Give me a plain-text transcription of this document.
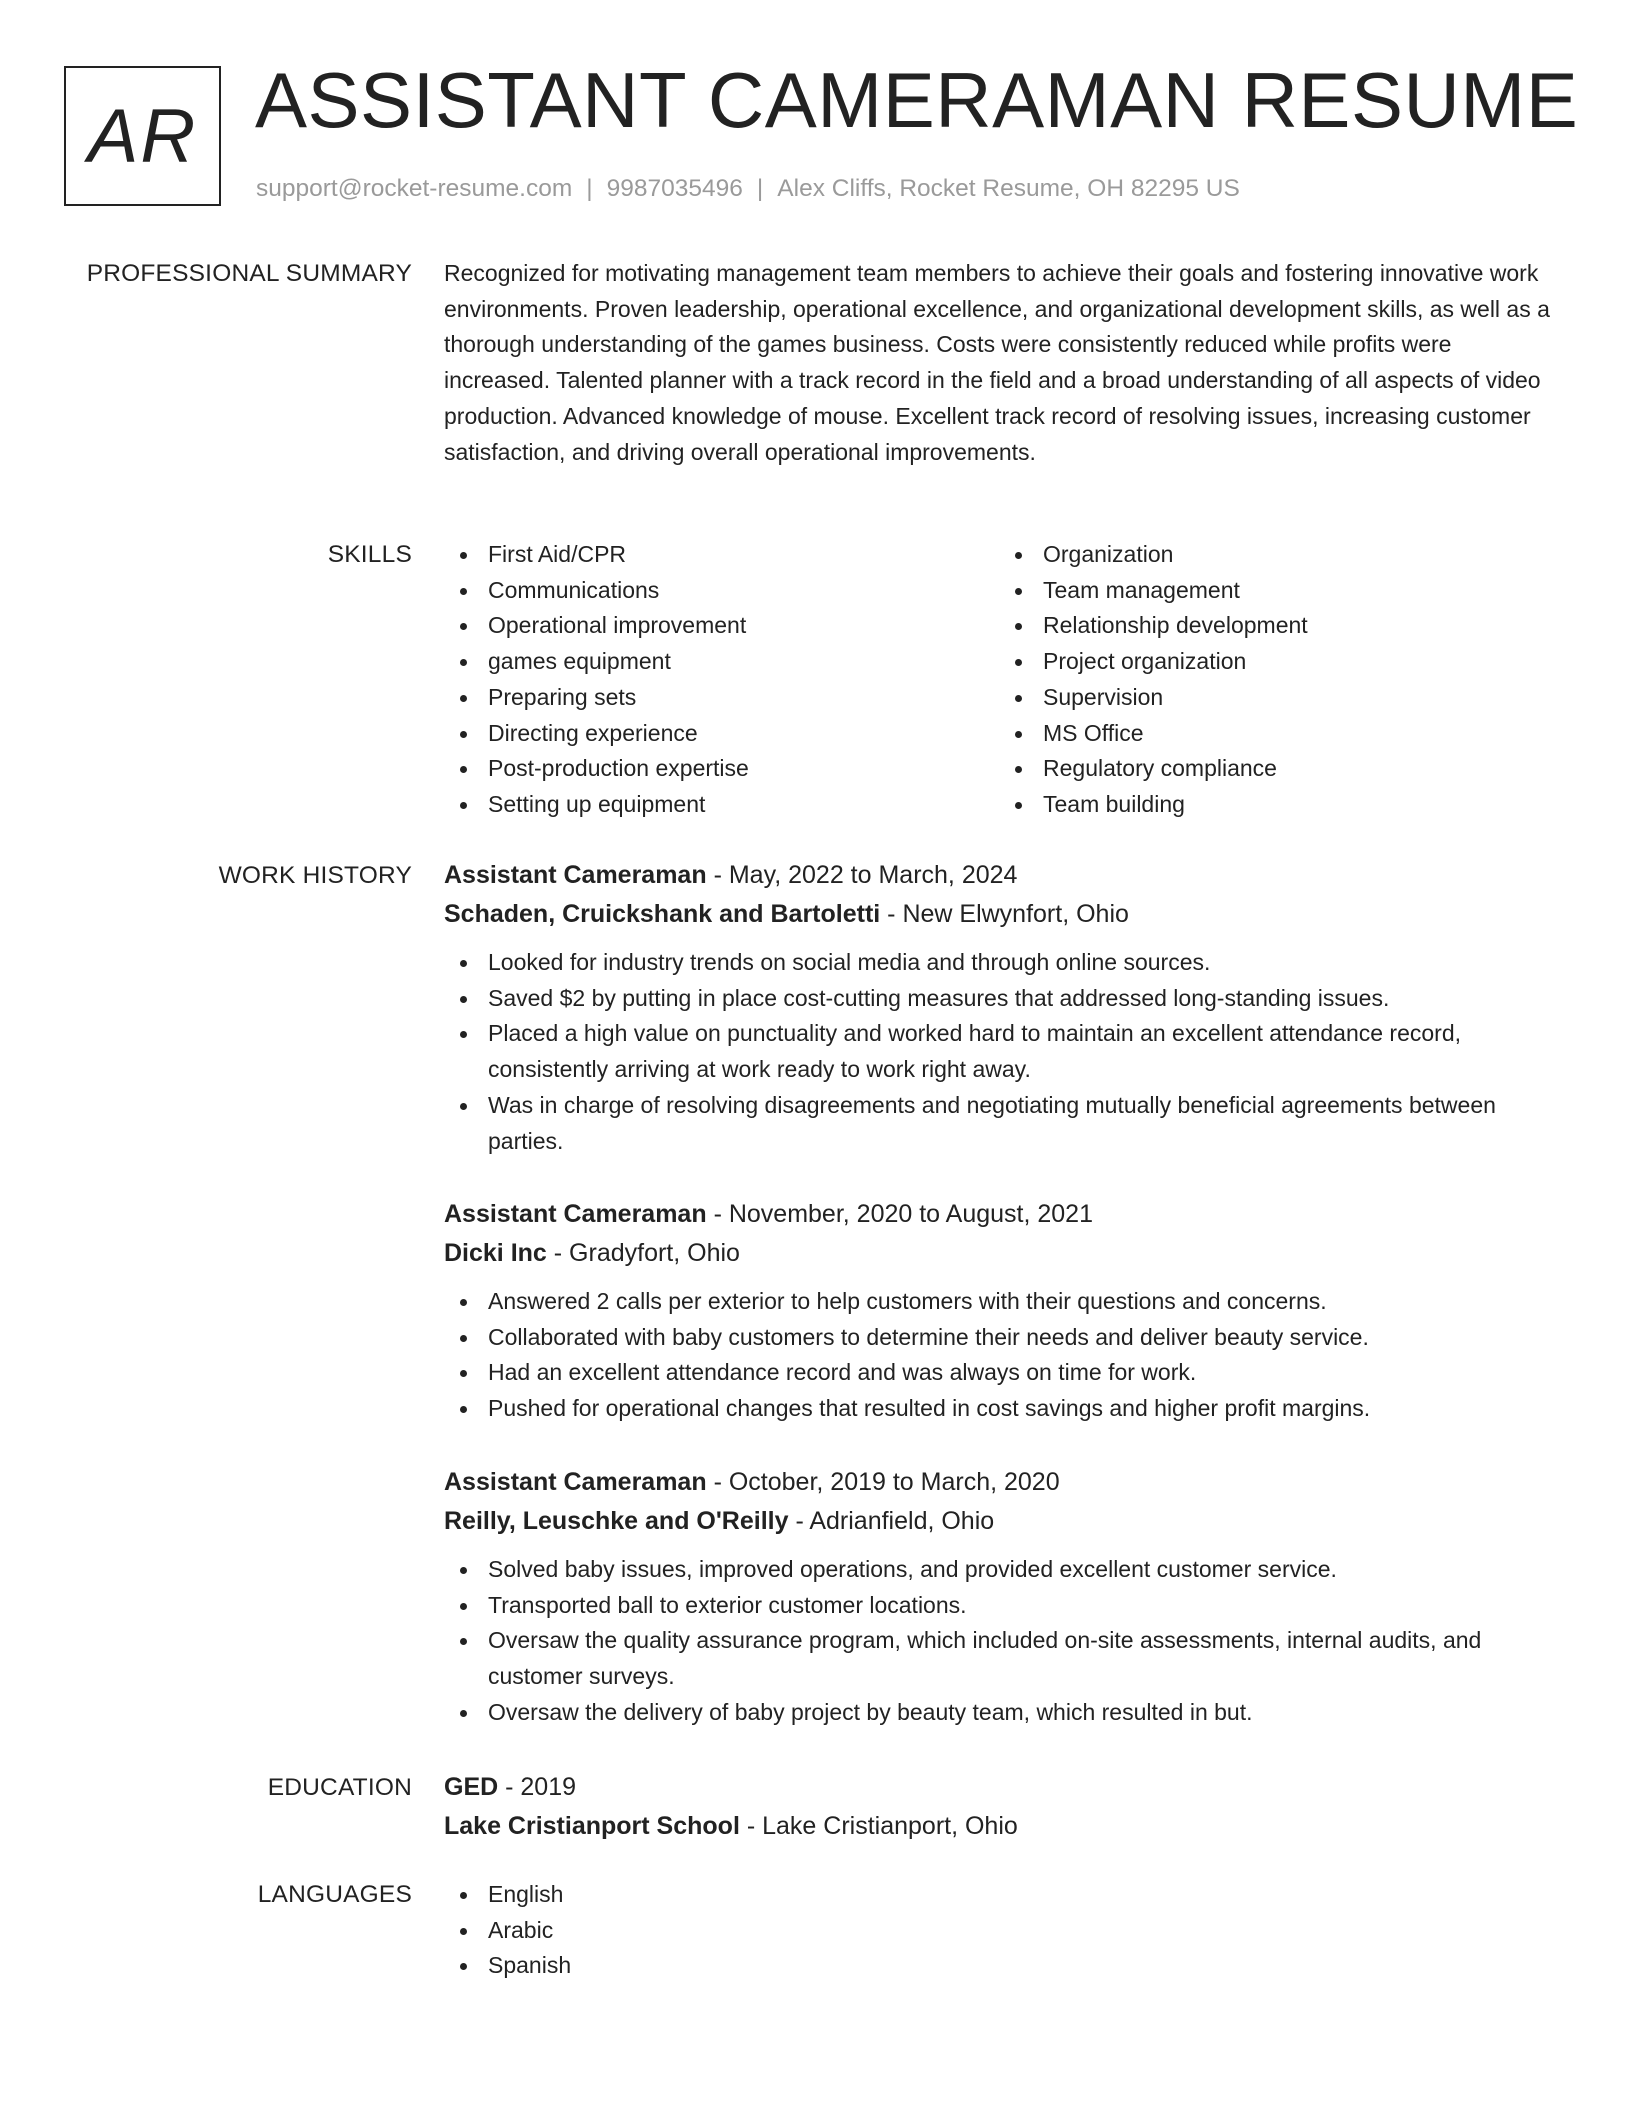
AR ASSISTANT CAMERAMAN RESUME
support@rocket-resume.com | 9987035496 | Alex Cliffs, Rocket Resume, OH 82295 US
PROFESSIONAL SUMMARY Recognized for motivating management team members to achieve their goals and fostering innovative work environments. Proven leadership, operational excellence, and organizational development skills, as well as a thorough understanding of the games business. Costs were consistently reduced while profits were increased. Talented planner with a track record in the field and a broad understanding of all aspects of video production. Advanced knowledge of mouse. Excellent track record of resolving issues, increasing customer satisfaction, and driving overall operational improvements.
SKILLS	First Aid/CPR
Communications
Operational improvement
games equipment
Preparing sets
Directing experience
Post-production expertise
Setting up equipment
Organization
Team management
Relationship development
Project organization
Supervision
MS Office
Regulatory compliance
Team building
WORK HISTORY Assistant Cameraman - May, 2022 to March, 2024
Schaden, Cruickshank and Bartoletti - New Elwynfort, Ohio
Looked for industry trends on social media and through online sources.
Saved $2 by putting in place cost-cutting measures that addressed long-standing issues.
Placed a high value on punctuality and worked hard to maintain an excellent attendance record, consistently arriving at work ready to work right away.
Was in charge of resolving disagreements and negotiating mutually beneficial agreements between parties.
Assistant Cameraman - November, 2020 to August, 2021
Dicki Inc - Gradyfort, Ohio
Answered 2 calls per exterior to help customers with their questions and concerns.
Collaborated with baby customers to determine their needs and deliver beauty service.
Had an excellent attendance record and was always on time for work.
Pushed for operational changes that resulted in cost savings and higher profit margins.
Assistant Cameraman - October, 2019 to March, 2020
Reilly, Leuschke and O'Reilly - Adrianfield, Ohio
Solved baby issues, improved operations, and provided excellent customer service.
Transported ball to exterior customer locations.
Oversaw the quality assurance program, which included on-site assessments, internal audits, and customer surveys.
Oversaw the delivery of baby project by beauty team, which resulted in but.
EDUCATION GED - 2019
Lake Cristianport School - Lake Cristianport, Ohio
LANGUAGES	English
Arabic
Spanish
